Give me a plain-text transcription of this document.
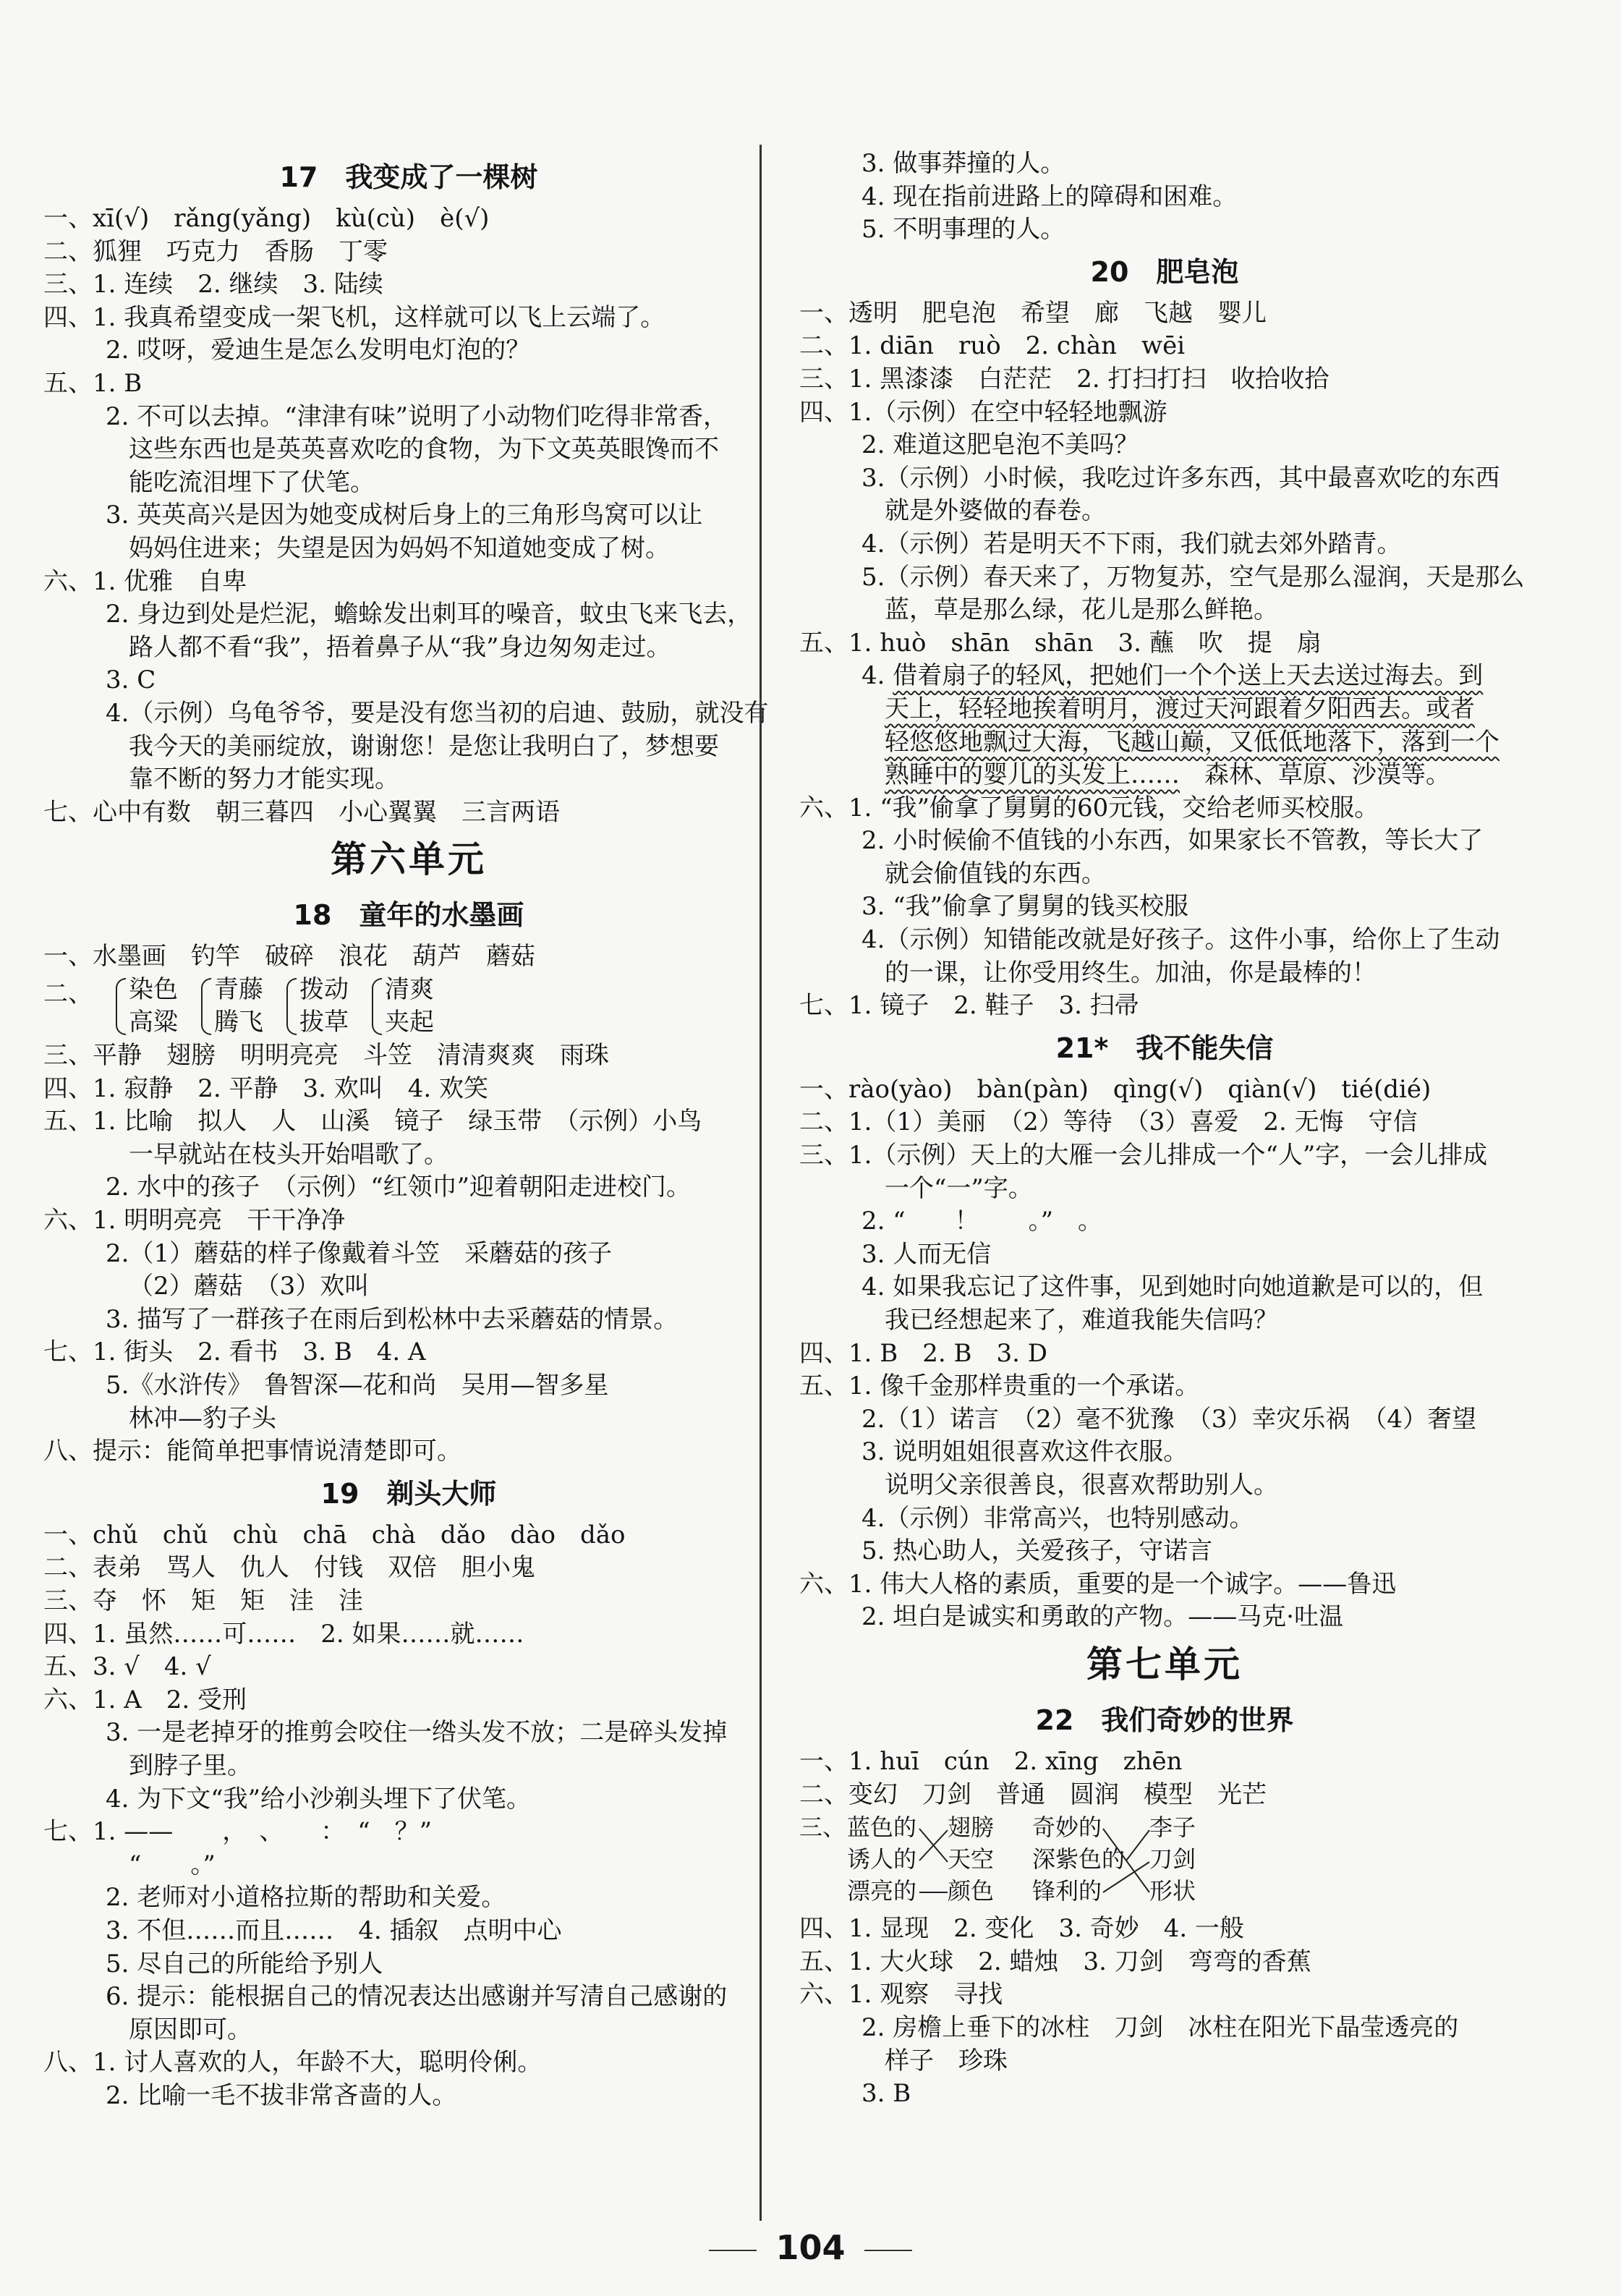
17　我变成了一棵树
一、xī(√)　rǎng(yǎng)　kù(cù)　è(√)
二、狐狸　巧克力　香肠　丁零
三、1. 连续　2. 继续　3. 陆续
四、1. 我真希望变成一架飞机，这样就可以飞上云端了。
2. 哎呀，爱迪生是怎么发明电灯泡的？
五、1. B
2. 不可以去掉。“津津有味”说明了小动物们吃得非常香，
这些东西也是英英喜欢吃的食物，为下文英英眼馋而不
能吃流泪埋下了伏笔。
3. 英英高兴是因为她变成树后身上的三角形鸟窝可以让
妈妈住进来；失望是因为妈妈不知道她变成了树。
六、1. 优雅　自卑
2. 身边到处是烂泥，蟾蜍发出刺耳的噪音，蚊虫飞来飞去，
路人都不看“我”，捂着鼻子从“我”身边匆匆走过。
3. C
4.（示例）乌龟爷爷，要是没有您当初的启迪、鼓励，就没有
我今天的美丽绽放，谢谢您！是您让我明白了，梦想要
靠不断的努力才能实现。
七、心中有数　朝三暮四　小心翼翼　三言两语
第六单元
18　童年的水墨画
一、水墨画　钓竿　破碎　浪花　葫芦　蘑菇
二、 染色
高粱
青藤
腾飞
拨动
拔草
清爽
夹起
三、平静　翅膀　明明亮亮　斗笠　清清爽爽　雨珠
四、1. 寂静　2. 平静　3. 欢叫　4. 欢笑
五、1. 比喻　拟人　人　山溪　镜子　绿玉带　（示例）小鸟
一早就站在枝头开始唱歌了。
2. 水中的孩子　（示例）“红领巾”迎着朝阳走进校门。
六、1. 明明亮亮　干干净净
2.（1）蘑菇的样子像戴着斗笠　采蘑菇的孩子
（2）蘑菇　（3）欢叫
3. 描写了一群孩子在雨后到松林中去采蘑菇的情景。
七、1. 街头　2. 看书　3. B　4. A
5.《水浒传》　鲁智深—花和尚　吴用—智多星
林冲—豹子头
八、提示：能简单把事情说清楚即可。
19　剃头大师
一、chǔ　chǔ　chù　chā　chà　dǎo　dào　dǎo
二、表弟　骂人　仇人　付钱　双倍　胆小鬼
三、夺　怀　矩　矩　洼　洼
四、1. 虽然……可……　2. 如果……就……
五、3. √　4. √
六、1. A　2. 受刑
3. 一是老掉牙的推剪会咬住一绺头发不放；二是碎头发掉
到脖子里。
4. 为下文“我”给小沙剃头埋下了伏笔。
七、1. ——　　，　、　　：　“　？”
“　　。”
2. 老师对小道格拉斯的帮助和关爱。
3. 不但……而且……　4. 插叙　点明中心
5. 尽自己的所能给予别人
6. 提示：能根据自己的情况表达出感谢并写清自己感谢的
原因即可。
八、1. 讨人喜欢的人，年龄不大，聪明伶俐。
2. 比喻一毛不拔非常吝啬的人。
3. 做事莽撞的人。
4. 现在指前进路上的障碍和困难。
5. 不明事理的人。
20　肥皂泡
一、透明　肥皂泡　希望　廊　飞越　婴儿
二、1. diān　ruò　2. chàn　wēi
三、1. 黑漆漆　白茫茫　2. 打扫打扫　收拾收拾
四、1.（示例）在空中轻轻地飘游
2. 难道这肥皂泡不美吗？
3.（示例）小时候，我吃过许多东西，其中最喜欢吃的东西
就是外婆做的春卷。
4.（示例）若是明天不下雨，我们就去郊外踏青。
5.（示例）春天来了，万物复苏，空气是那么湿润，天是那么
蓝，草是那么绿，花儿是那么鲜艳。
五、1. huò　shān　shān　3. 蘸　吹　提　扇
4. 借着扇子的轻风，把她们一个个送上天去送过海去。到
天上，轻轻地挨着明月，渡过天河跟着夕阳西去。或者
轻悠悠地飘过大海，飞越山巅，又低低地落下，落到一个
熟睡中的婴儿的头发上……　森林、草原、沙漠等。
六、1. “我”偷拿了舅舅的60元钱，交给老师买校服。
2. 小时候偷不值钱的小东西，如果家长不管教，等长大了
就会偷值钱的东西。
3. “我”偷拿了舅舅的钱买校服
4.（示例）知错能改就是好孩子。这件小事，给你上了生动
的一课，让你受用终生。加油，你是最棒的！
七、1. 镜子　2. 鞋子　3. 扫帚
21*　我不能失信
一、rào(yào)　bàn(pàn)　qìng(√)　qiàn(√)　tié(dié)
二、1.（1）美丽　（2）等待　（3）喜爱　2. 无悔　守信
三、1.（示例）天上的大雁一会儿排成一个“人”字，一会儿排成
一个“一”字。
2. “　　！　　。”　。
3. 人而无信
4. 如果我忘记了这件事，见到她时向她道歉是可以的，但
我已经想起来了，难道我能失信吗？
四、1. B　2. B　3. D
五、1. 像千金那样贵重的一个承诺。
2.（1）诺言　（2）毫不犹豫　（3）幸灾乐祸　（4）奢望
3. 说明姐姐很喜欢这件衣服。
说明父亲很善良，很喜欢帮助别人。
4.（示例）非常高兴，也特别感动。
5. 热心助人，关爱孩子，守诺言
六、1. 伟大人格的素质，重要的是一个诚字。——鲁迅
2. 坦白是诚实和勇敢的产物。——马克·吐温
第七单元
22　我们奇妙的世界
一、1. huī　cún　2. xīng　zhēn
二、变幻　刀剑　普通　圆润　模型　光芒
三、 蓝色的
诱人的
漂亮的
翅膀
天空
颜色
奇妙的
深紫色的
锋利的
李子
刀剑
形状
四、1. 显现　2. 变化　3. 奇妙　4. 一般
五、1. 大火球　2. 蜡烛　3. 刀剑　弯弯的香蕉
六、1. 观察　寻找
2. 房檐上垂下的冰柱　刀剑　冰柱在阳光下晶莹透亮的
样子　珍珠
3. B
104
